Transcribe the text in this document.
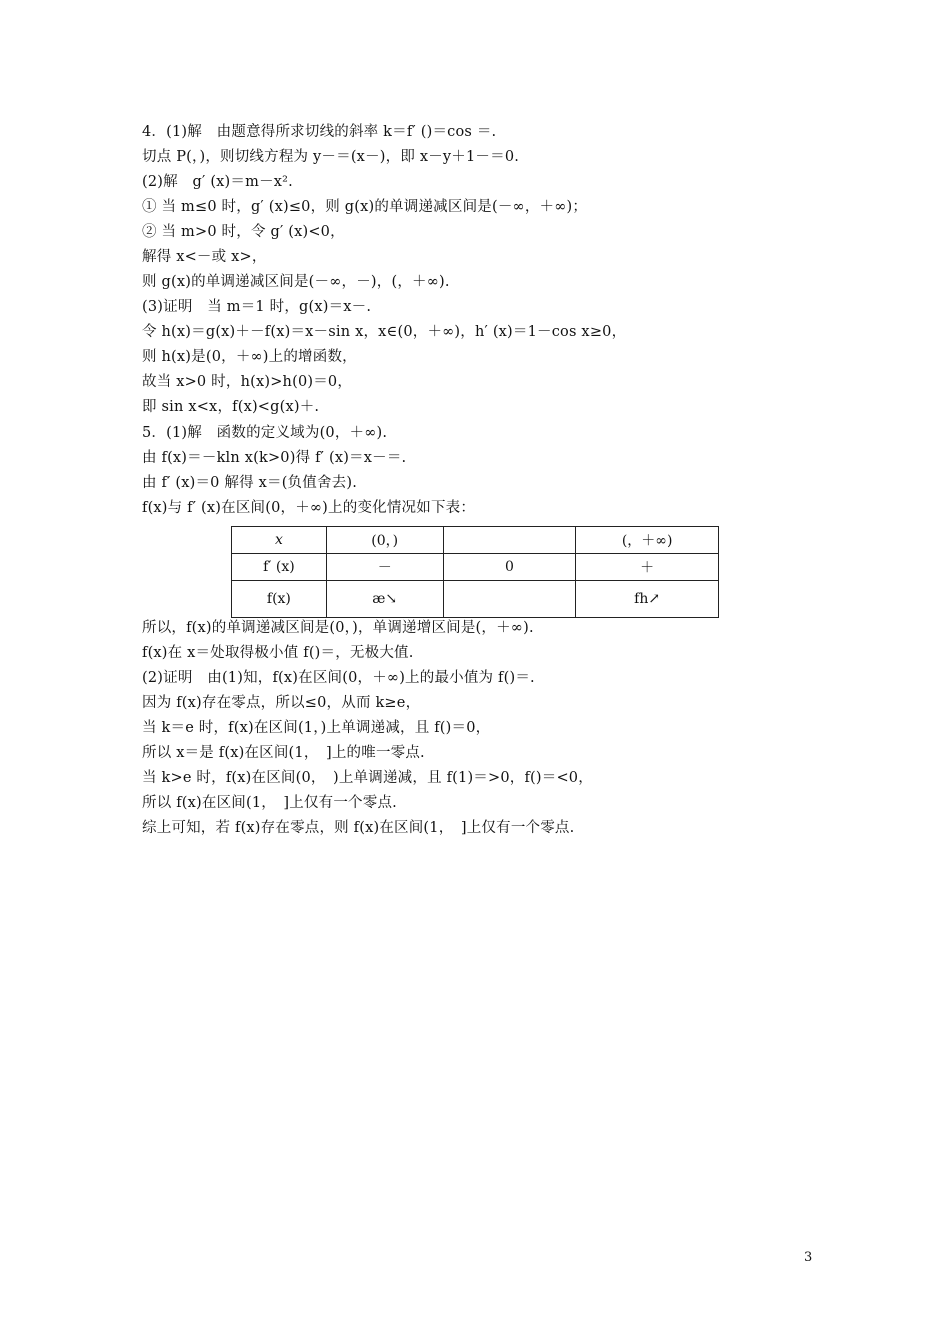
4．(1)解　由题意得所求切线的斜率 k＝f′ ()＝cos ＝.
切点 P(，)，则切线方程为 y－＝(x－)，即 x－y＋1－＝0.
(2)解　g′ (x)＝m－x².
① 当 m≤0 时，g′ (x)≤0，则 g(x)的单调递减区间是(－∞，＋∞)；
② 当 m>0 时，令 g′ (x)<0，
解得 x<－或 x>，
则 g(x)的单调递减区间是(－∞，－)，(，＋∞).
(3)证明　当 m＝1 时，g(x)＝x－.
令 h(x)＝g(x)＋－f(x)＝x－sin x，x∈(0，＋∞)，h′ (x)＝1－cos x≥0，
则 h(x)是(0，＋∞)上的增函数，
故当 x>0 时，h(x)>h(0)＝0，
即 sin x<x，f(x)<g(x)＋.
5．(1)解　函数的定义域为(0，＋∞).
由 f(x)＝－kln x(k>0)得 f′ (x)＝x－＝.
由 f′ (x)＝0 解得 x＝(负值舍去).
f(x)与 f′ (x)在区间(0，＋∞)上的变化情况如下表：
x	(0，)		(，＋∞)
f′ (x)	－	0	＋
f(x)	æ↘		fh↗
所以，f(x)的单调递减区间是(0，)，单调递增区间是(，＋∞).
f(x)在 x＝处取得极小值 f()＝，无极大值.
(2)证明　由(1)知，f(x)在区间(0，＋∞)上的最小值为 f()＝.
因为 f(x)存在零点，所以≤0，从而 k≥e，
当 k＝e 时，f(x)在区间(1，)上单调递减，且 f()＝0，
所以 x＝是 f(x)在区间(1，　]上的唯一零点.
当 k>e 时，f(x)在区间(0，　)上单调递减，且 f(1)＝>0，f()＝<0，
所以 f(x)在区间(1，　]上仅有一个零点.
综上可知，若 f(x)存在零点，则 f(x)在区间(1，　]上仅有一个零点.
3
